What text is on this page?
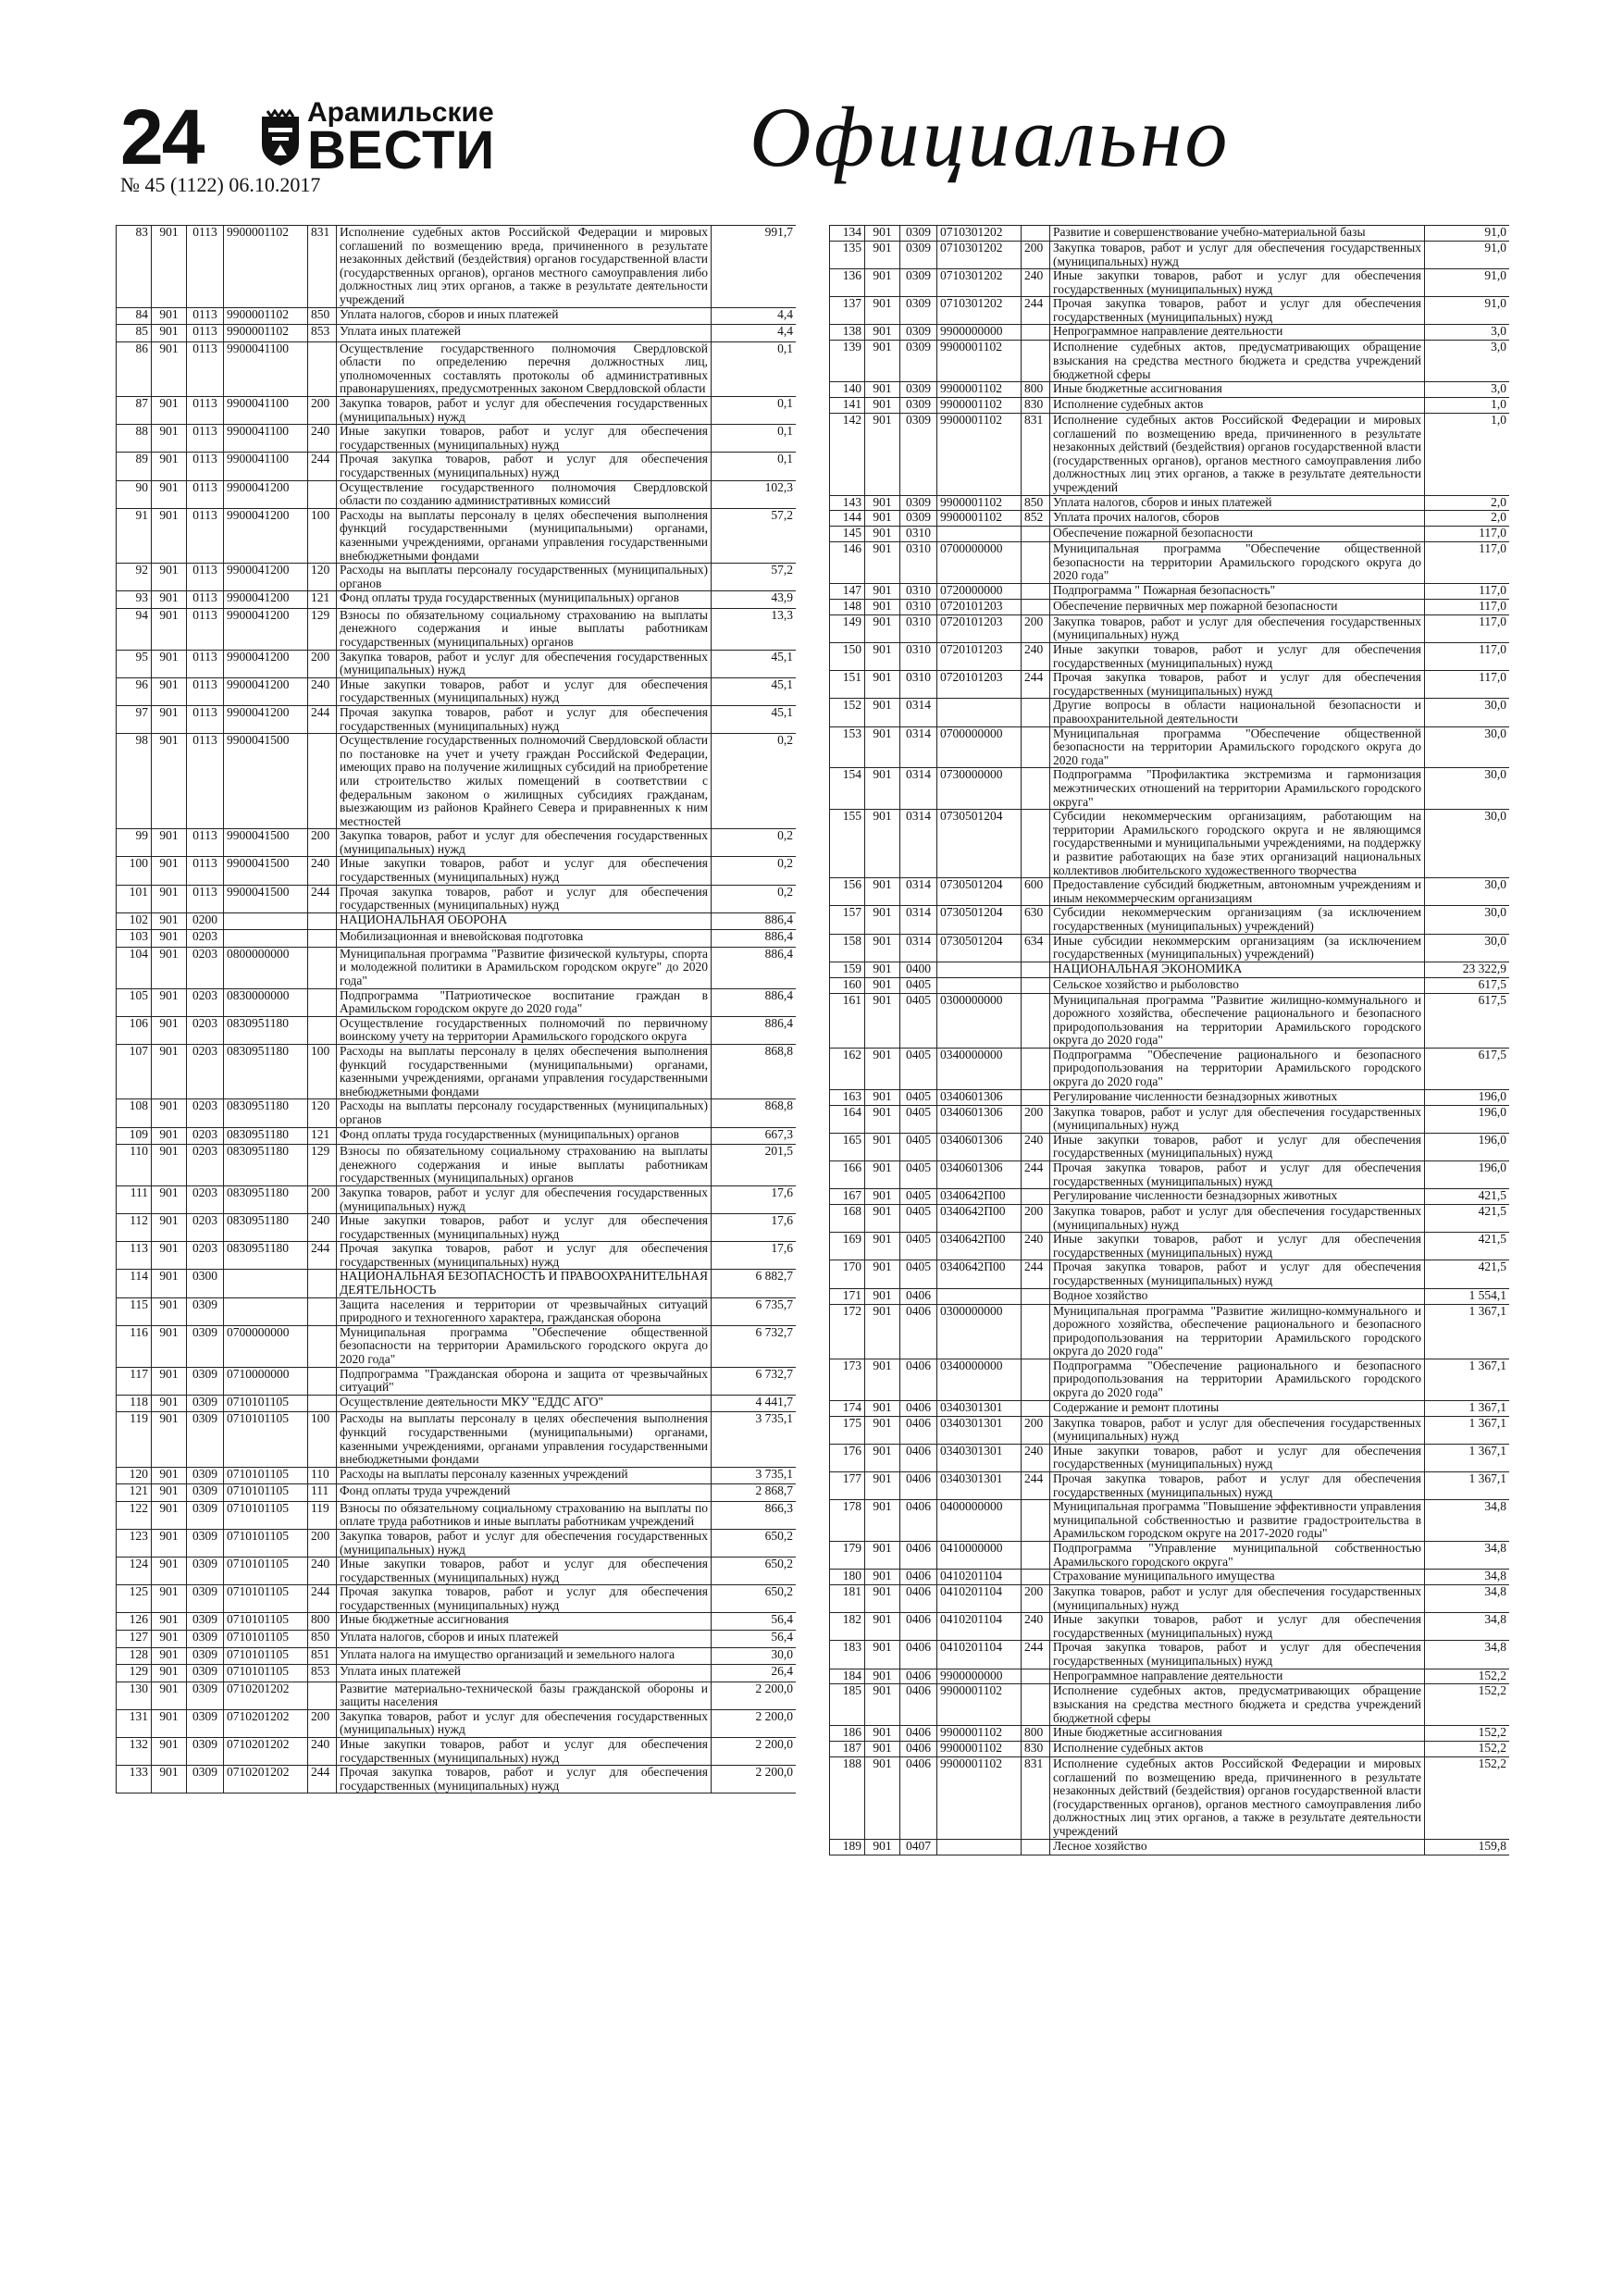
24	Арамильские
ВЕСТИ
№ 45 (1122) 06.10.2017
Официально
83	901	0113	9900001102	831	Исполнение судебных актов Российской Федерации и мировых соглашений по возмещению вреда, причиненного в результате незаконных действий (бездействия) органов государственной власти (государственных органов), органов местного самоуправления либо должностных лиц этих органов, а также в результате деятельности учреждений	991,7
84	901	0113	9900001102	850	Уплата налогов, сборов и иных платежей	4,4
85	901	0113	9900001102	853	Уплата иных платежей	4,4
86	901	0113	9900041100		Осуществление государственного полномочия Свердловской области по определению перечня должностных лиц, уполномоченных составлять протоколы об административных правонарушениях, предусмотренных законом Свердловской области	0,1
87	901	0113	9900041100	200	Закупка товаров, работ и услуг для обеспечения государственных (муниципальных) нужд	0,1
88	901	0113	9900041100	240	Иные закупки товаров, работ и услуг для обеспечения государственных (муниципальных) нужд	0,1
89	901	0113	9900041100	244	Прочая закупка товаров, работ и услуг для обеспечения государственных (муниципальных) нужд	0,1
90	901	0113	9900041200		Осуществление государственного полномочия Свердловской области по созданию административных комиссий	102,3
91	901	0113	9900041200	100	Расходы на выплаты персоналу в целях обеспечения выполнения функций государственными (муниципальными) органами, казенными учреждениями, органами управления государственными внебюджетными фондами	57,2
92	901	0113	9900041200	120	Расходы на выплаты персоналу государственных (муниципальных) органов	57,2
93	901	0113	9900041200	121	Фонд оплаты труда государственных (муниципальных) органов	43,9
94	901	0113	9900041200	129	Взносы по обязательному социальному страхованию на выплаты денежного содержания и иные выплаты работникам государственных (муниципальных) органов	13,3
95	901	0113	9900041200	200	Закупка товаров, работ и услуг для обеспечения государственных (муниципальных) нужд	45,1
96	901	0113	9900041200	240	Иные закупки товаров, работ и услуг для обеспечения государственных (муниципальных) нужд	45,1
97	901	0113	9900041200	244	Прочая закупка товаров, работ и услуг для обеспечения государственных (муниципальных) нужд	45,1
98	901	0113	9900041500		Осуществление государственных полномочий Свердловской области по постановке на учет и учету граждан Российской Федерации, имеющих право на получение жилищных субсидий на приобретение или строительство жилых помещений в соответствии с федеральным законом о жилищных субсидиях гражданам, выезжающим из районов Крайнего Севера и приравненных к ним местностей	0,2
99	901	0113	9900041500	200	Закупка товаров, работ и услуг для обеспечения государственных (муниципальных) нужд	0,2
100	901	0113	9900041500	240	Иные закупки товаров, работ и услуг для обеспечения государственных (муниципальных) нужд	0,2
101	901	0113	9900041500	244	Прочая закупка товаров, работ и услуг для обеспечения государственных (муниципальных) нужд	0,2
102	901	0200			НАЦИОНАЛЬНАЯ ОБОРОНА	886,4
103	901	0203			Мобилизационная и вневойсковая подготовка	886,4
104	901	0203	0800000000		Муниципальная программа "Развитие физической культуры, спорта и молодежной политики в Арамильском городском округе" до 2020 года"	886,4
105	901	0203	0830000000		Подпрограмма "Патриотическое воспитание граждан в Арамильском городском округе до 2020 года"	886,4
106	901	0203	0830951180		Осуществление государственных полномочий по первичному воинскому учету на территории Арамильского городского округа	886,4
107	901	0203	0830951180	100	Расходы на выплаты персоналу в целях обеспечения выполнения функций государственными (муниципальными) органами, казенными учреждениями, органами управления государственными внебюджетными фондами	868,8
108	901	0203	0830951180	120	Расходы на выплаты персоналу государственных (муниципальных) органов	868,8
109	901	0203	0830951180	121	Фонд оплаты труда государственных (муниципальных) органов	667,3
110	901	0203	0830951180	129	Взносы по обязательному социальному страхованию на выплаты денежного содержания и иные выплаты работникам государственных (муниципальных) органов	201,5
111	901	0203	0830951180	200	Закупка товаров, работ и услуг для обеспечения государственных (муниципальных) нужд	17,6
112	901	0203	0830951180	240	Иные закупки товаров, работ и услуг для обеспечения государственных (муниципальных) нужд	17,6
113	901	0203	0830951180	244	Прочая закупка товаров, работ и услуг для обеспечения государственных (муниципальных) нужд	17,6
114	901	0300			НАЦИОНАЛЬНАЯ БЕЗОПАСНОСТЬ И ПРАВООХРАНИТЕЛЬНАЯ ДЕЯТЕЛЬНОСТЬ	6 882,7
115	901	0309			Защита населения и территории от чрезвычайных ситуаций природного и техногенного характера, гражданская оборона	6 735,7
116	901	0309	0700000000		Муниципальная программа "Обеспечение общественной безопасности на территории Арамильского городского округа до 2020 года"	6 732,7
117	901	0309	0710000000		Подпрограмма "Гражданская оборона и защита от чрезвычайных ситуаций"	6 732,7
118	901	0309	0710101105		Осуществление деятельности МКУ "ЕДДС АГО"	4 441,7
119	901	0309	0710101105	100	Расходы на выплаты персоналу в целях обеспечения выполнения функций государственными (муниципальными) органами, казенными учреждениями, органами управления государственными внебюджетными фондами	3 735,1
120	901	0309	0710101105	110	Расходы на выплаты персоналу казенных учреждений	3 735,1
121	901	0309	0710101105	111	Фонд оплаты труда учреждений	2 868,7
122	901	0309	0710101105	119	Взносы по обязательному социальному страхованию на выплаты по оплате труда работников и иные выплаты работникам учреждений	866,3
123	901	0309	0710101105	200	Закупка товаров, работ и услуг для обеспечения государственных (муниципальных) нужд	650,2
124	901	0309	0710101105	240	Иные закупки товаров, работ и услуг для обеспечения государственных (муниципальных) нужд	650,2
125	901	0309	0710101105	244	Прочая закупка товаров, работ и услуг для обеспечения государственных (муниципальных) нужд	650,2
126	901	0309	0710101105	800	Иные бюджетные ассигнования	56,4
127	901	0309	0710101105	850	Уплата налогов, сборов и иных платежей	56,4
128	901	0309	0710101105	851	Уплата налога на имущество организаций и земельного налога	30,0
129	901	0309	0710101105	853	Уплата иных платежей	26,4
130	901	0309	0710201202		Развитие материально-технической базы гражданской обороны и защиты населения	2 200,0
131	901	0309	0710201202	200	Закупка товаров, работ и услуг для обеспечения государственных (муниципальных) нужд	2 200,0
132	901	0309	0710201202	240	Иные закупки товаров, работ и услуг для обеспечения государственных (муниципальных) нужд	2 200,0
133	901	0309	0710201202	244	Прочая закупка товаров, работ и услуг для обеспечения государственных (муниципальных) нужд	2 200,0
134	901	0309	0710301202		Развитие и совершенствование учебно-материальной базы	91,0
135	901	0309	0710301202	200	Закупка товаров, работ и услуг для обеспечения государственных (муниципальных) нужд	91,0
136	901	0309	0710301202	240	Иные закупки товаров, работ и услуг для обеспечения государственных (муниципальных) нужд	91,0
137	901	0309	0710301202	244	Прочая закупка товаров, работ и услуг для обеспечения государственных (муниципальных) нужд	91,0
138	901	0309	9900000000		Непрограммное направление деятельности	3,0
139	901	0309	9900001102		Исполнение судебных актов, предусматривающих обращение взыскания на средства местного бюджета и средства учреждений бюджетной сферы	3,0
140	901	0309	9900001102	800	Иные бюджетные ассигнования	3,0
141	901	0309	9900001102	830	Исполнение судебных актов	1,0
142	901	0309	9900001102	831	Исполнение судебных актов Российской Федерации и мировых соглашений по возмещению вреда, причиненного в результате незаконных действий (бездействия) органов государственной власти (государственных органов), органов местного самоуправления либо должностных лиц этих органов, а также в результате деятельности учреждений	1,0
143	901	0309	9900001102	850	Уплата налогов, сборов и иных платежей	2,0
144	901	0309	9900001102	852	Уплата прочих налогов, сборов	2,0
145	901	0310			Обеспечение пожарной безопасности	117,0
146	901	0310	0700000000		Муниципальная программа "Обеспечение общественной безопасности на территории Арамильского городского округа до 2020 года"	117,0
147	901	0310	0720000000		Подпрограмма " Пожарная безопасность"	117,0
148	901	0310	0720101203		Обеспечение первичных мер пожарной безопасности	117,0
149	901	0310	0720101203	200	Закупка товаров, работ и услуг для обеспечения государственных (муниципальных) нужд	117,0
150	901	0310	0720101203	240	Иные закупки товаров, работ и услуг для обеспечения государственных (муниципальных) нужд	117,0
151	901	0310	0720101203	244	Прочая закупка товаров, работ и услуг для обеспечения государственных (муниципальных) нужд	117,0
152	901	0314			Другие вопросы в области национальной безопасности и правоохранительной деятельности	30,0
153	901	0314	0700000000		Муниципальная программа "Обеспечение общественной безопасности на территории Арамильского городского округа до 2020 года"	30,0
154	901	0314	0730000000		Подпрограмма "Профилактика экстремизма и гармонизация межэтнических отношений на территории Арамильского городского округа"	30,0
155	901	0314	0730501204		Субсидии некоммерческим организациям, работающим на территории Арамильского городского округа и не являющимся государственными и муниципальными учреждениями, на поддержку и развитие работающих на базе этих организаций национальных коллективов любительского художественного творчества	30,0
156	901	0314	0730501204	600	Предоставление субсидий бюджетным, автономным учреждениям и иным некоммерческим организациям	30,0
157	901	0314	0730501204	630	Субсидии некоммерческим организациям (за исключением государственных (муниципальных) учреждений)	30,0
158	901	0314	0730501204	634	Иные субсидии некоммерским организациям (за исключением государственных (муниципальных) учреждений)	30,0
159	901	0400			НАЦИОНАЛЬНАЯ ЭКОНОМИКА	23 322,9
160	901	0405			Сельское хозяйство и рыболовство	617,5
161	901	0405	0300000000		Муниципальная программа "Развитие жилищно-коммунального и дорожного хозяйства, обеспечение рационального и безопасного природопользования на территории Арамильского городского округа до 2020 года"	617,5
162	901	0405	0340000000		Подпрограмма "Обеспечение рационального и безопасного природопользования на территории Арамильского городского округа до 2020 года"	617,5
163	901	0405	0340601306		Регулирование численности безнадзорных животных	196,0
164	901	0405	0340601306	200	Закупка товаров, работ и услуг для обеспечения государственных (муниципальных) нужд	196,0
165	901	0405	0340601306	240	Иные закупки товаров, работ и услуг для обеспечения государственных (муниципальных) нужд	196,0
166	901	0405	0340601306	244	Прочая закупка товаров, работ и услуг для обеспечения государственных (муниципальных) нужд	196,0
167	901	0405	0340642П00		Регулирование численности безнадзорных животных	421,5
168	901	0405	0340642П00	200	Закупка товаров, работ и услуг для обеспечения государственных (муниципальных) нужд	421,5
169	901	0405	0340642П00	240	Иные закупки товаров, работ и услуг для обеспечения государственных (муниципальных) нужд	421,5
170	901	0405	0340642П00	244	Прочая закупка товаров, работ и услуг для обеспечения государственных (муниципальных) нужд	421,5
171	901	0406			Водное хозяйство	1 554,1
172	901	0406	0300000000		Муниципальная программа "Развитие жилищно-коммунального и дорожного хозяйства, обеспечение рационального и безопасного природопользования на территории Арамильского городского округа до 2020 года"	1 367,1
173	901	0406	0340000000		Подпрограмма "Обеспечение рационального и безопасного природопользования на территории Арамильского городского округа до 2020 года"	1 367,1
174	901	0406	0340301301		Содержание и ремонт плотины	1 367,1
175	901	0406	0340301301	200	Закупка товаров, работ и услуг для обеспечения государственных (муниципальных) нужд	1 367,1
176	901	0406	0340301301	240	Иные закупки товаров, работ и услуг для обеспечения государственных (муниципальных) нужд	1 367,1
177	901	0406	0340301301	244	Прочая закупка товаров, работ и услуг для обеспечения государственных (муниципальных) нужд	1 367,1
178	901	0406	0400000000		Муниципальная программа "Повышение эффективности управления муниципальной собственностью и развитие градостроительства в Арамильском городском округе на 2017-2020 годы"	34,8
179	901	0406	0410000000		Подпрограмма "Управление муниципальной собственностью Арамильского городского округа"	34,8
180	901	0406	0410201104		Страхование муниципального имущества	34,8
181	901	0406	0410201104	200	Закупка товаров, работ и услуг для обеспечения государственных (муниципальных) нужд	34,8
182	901	0406	0410201104	240	Иные закупки товаров, работ и услуг для обеспечения государственных (муниципальных) нужд	34,8
183	901	0406	0410201104	244	Прочая закупка товаров, работ и услуг для обеспечения государственных (муниципальных) нужд	34,8
184	901	0406	9900000000		Непрограммное направление деятельности	152,2
185	901	0406	9900001102		Исполнение судебных актов, предусматривающих обращение взыскания на средства местного бюджета и средства учреждений бюджетной сферы	152,2
186	901	0406	9900001102	800	Иные бюджетные ассигнования	152,2
187	901	0406	9900001102	830	Исполнение судебных актов	152,2
188	901	0406	9900001102	831	Исполнение судебных актов Российской Федерации и мировых соглашений по возмещению вреда, причиненного в результате незаконных действий (бездействия) органов государственной власти (государственных органов), органов местного самоуправления либо должностных лиц этих органов, а также в результате деятельности учреждений	152,2
189	901	0407			Лесное хозяйство	159,8
